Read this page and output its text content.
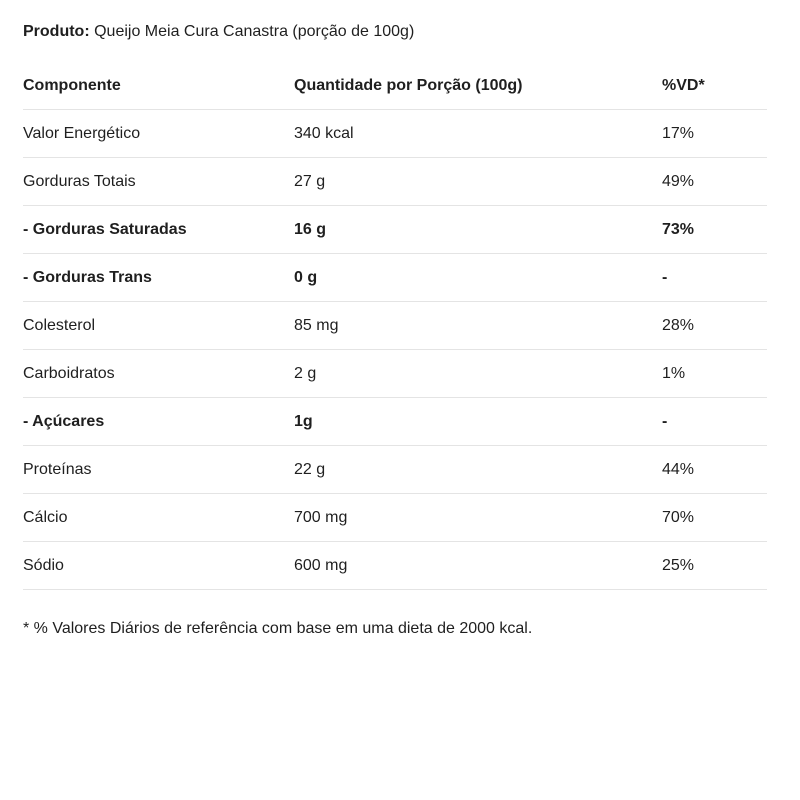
Produto: Queijo Meia Cura Canastra (porção de 100g)
Componente	Quantidade por Porção (100g)	%VD*
Valor Energético	340 kcal	17%
Gorduras Totais	27 g	49%
- Gorduras Saturadas	16 g	73%
- Gorduras Trans	0 g	-
Colesterol	85 mg	28%
Carboidratos	2 g	1%
- Açúcares	1g	-
Proteínas	22 g	44%
Cálcio	700 mg	70%
Sódio	600 mg	25%
* % Valores Diários de referência com base em uma dieta de 2000 kcal.
